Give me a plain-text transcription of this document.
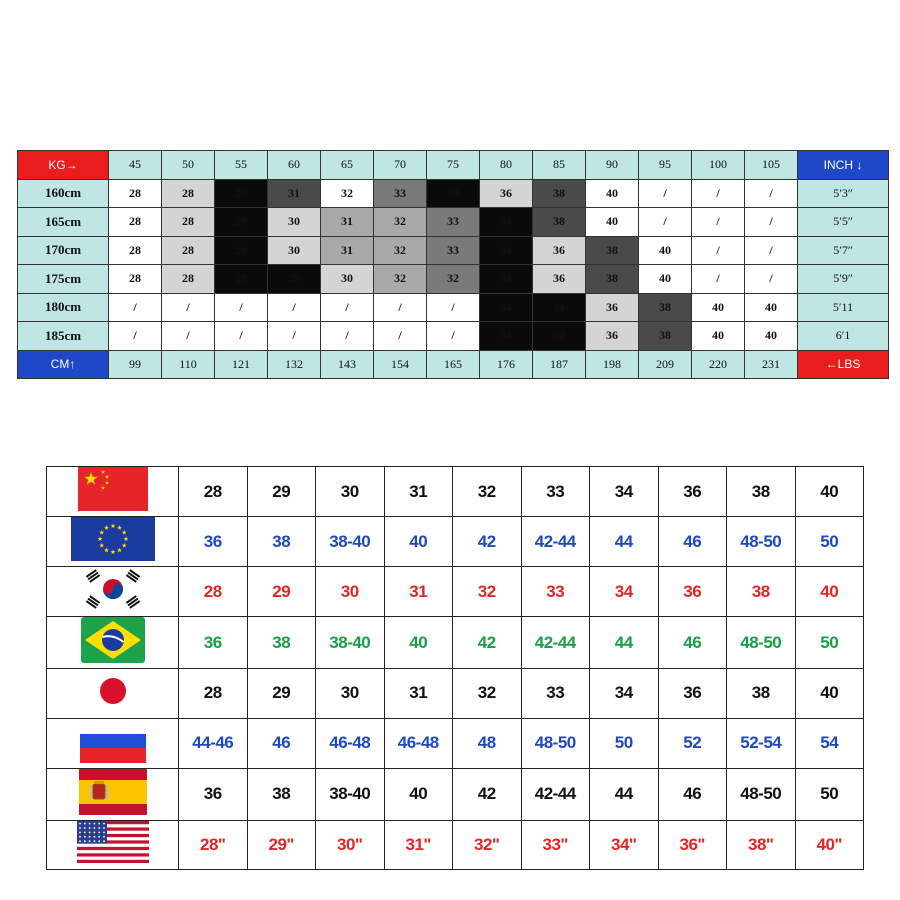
KG→	45	50	55	60	65	70	75	80	85	90	95	100	105	INCH ↓
160cm	28	28	29	31	32	33	34	36	38	40	/	/	/	5′3″
165cm	28	28	29	30	31	32	33	34	38	40	/	/	/	5′5″
170cm	28	28	29	30	31	32	33	34	36	38	40	/	/	5′7″
175cm	28	28	29	29	30	32	32	34	36	38	40	/	/	5′9″
180cm	/	/	/	/	/	/	/	34	34	36	38	40	40	5′11
185cm	/	/	/	/	/	/	/	34	34	36	38	40	40	6′1
CM↑	99	110	121	132	143	154	165	176	187	198	209	220	231	←LBS
	28	29	30	31	32	33	34	36	38	40
	36	38	38-40	40	42	42-44	44	46	48-50	50
	28	29	30	31	32	33	34	36	38	40
	36	38	38-40	40	42	42-44	44	46	48-50	50
	28	29	30	31	32	33	34	36	38	40
	44-46	46	46-48	46-48	48	48-50	50	52	52-54	54
	36	38	38-40	40	42	42-44	44	46	48-50	50
	28"	29"	30"	31"	32"	33"	34"	36"	38"	40"
